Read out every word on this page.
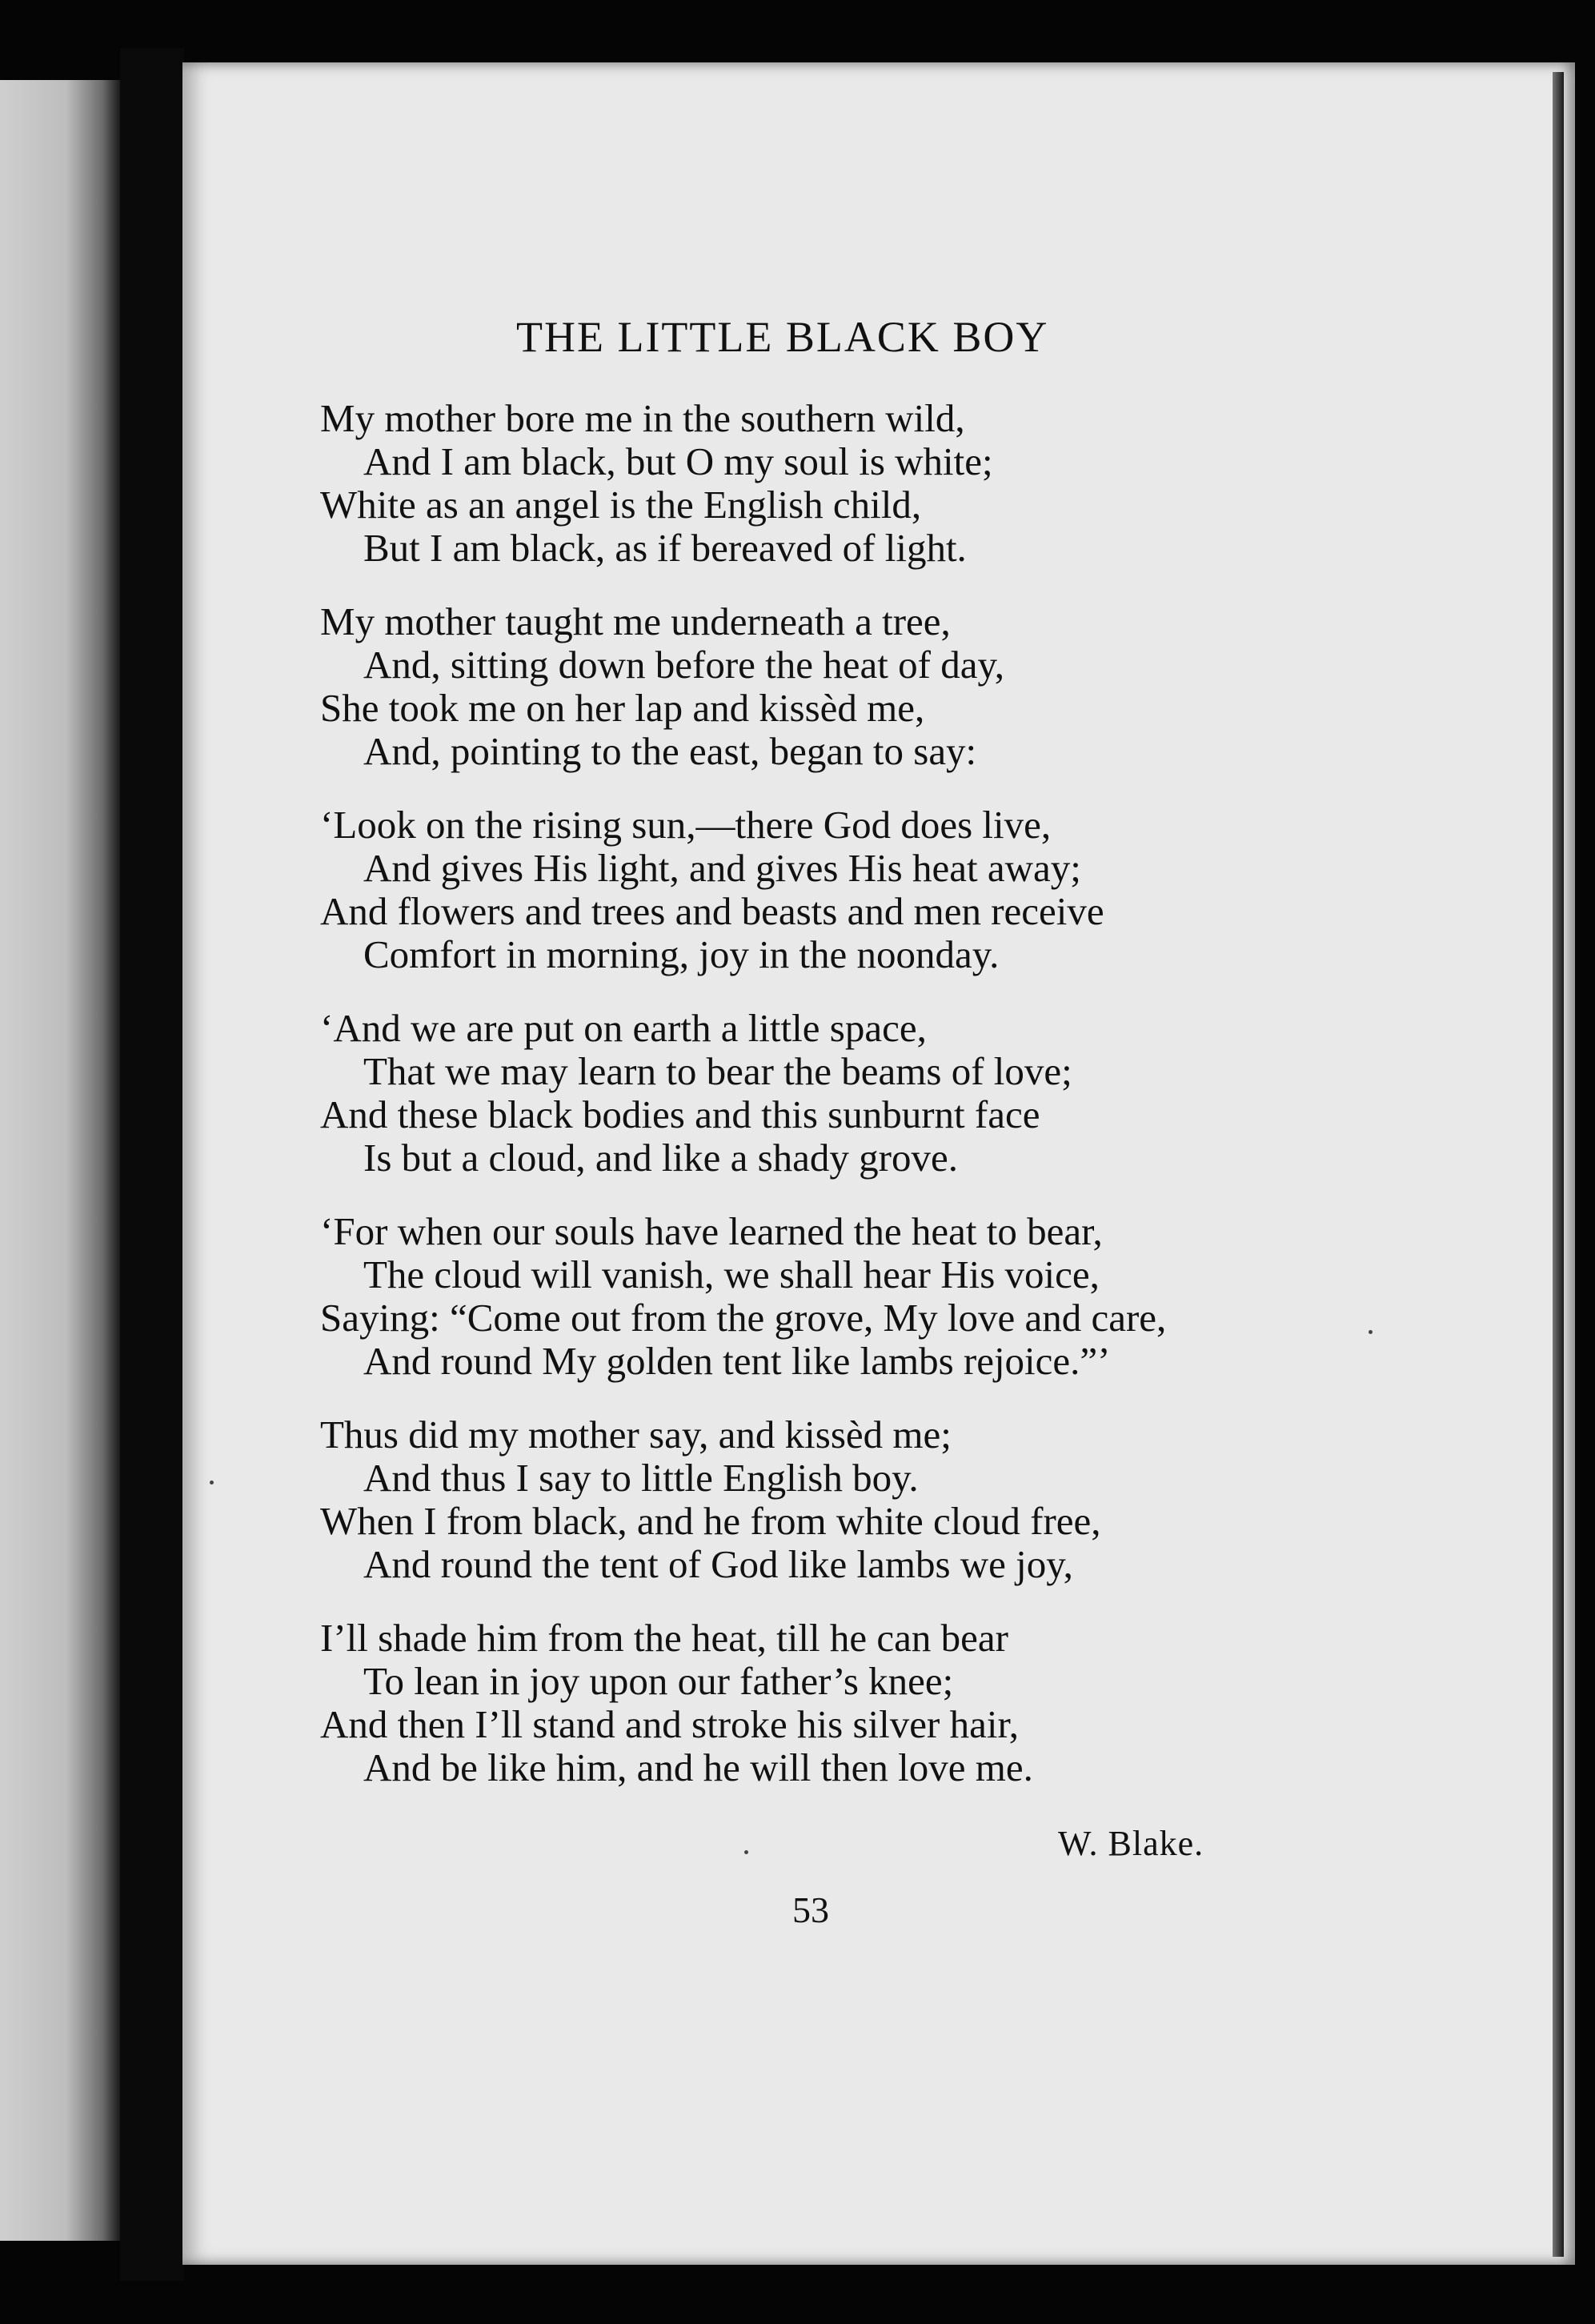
THE LITTLE BLACK BOY
My mother bore me in the southern wild,
And I am black, but O my soul is white;
White as an angel is the English child,
But I am black, as if bereaved of light.
My mother taught me underneath a tree,
And, sitting down before the heat of day,
She took me on her lap and kissèd me,
And, pointing to the east, began to say:
‘Look on the rising sun,—there God does live,
And gives His light, and gives His heat away;
And flowers and trees and beasts and men receive
Comfort in morning, joy in the noonday.
‘And we are put on earth a little space,
That we may learn to bear the beams of love;
And these black bodies and this sunburnt face
Is but a cloud, and like a shady grove.
‘For when our souls have learned the heat to bear,
The cloud will vanish, we shall hear His voice,
Saying: “Come out from the grove, My love and care,
And round My golden tent like lambs rejoice.”’
Thus did my mother say, and kissèd me;
And thus I say to little English boy.
When I from black, and he from white cloud free,
And round the tent of God like lambs we joy,
I’ll shade him from the heat, till he can bear
To lean in joy upon our father’s knee;
And then I’ll stand and stroke his silver hair,
And be like him, and he will then love me.
W. Blake.
53
